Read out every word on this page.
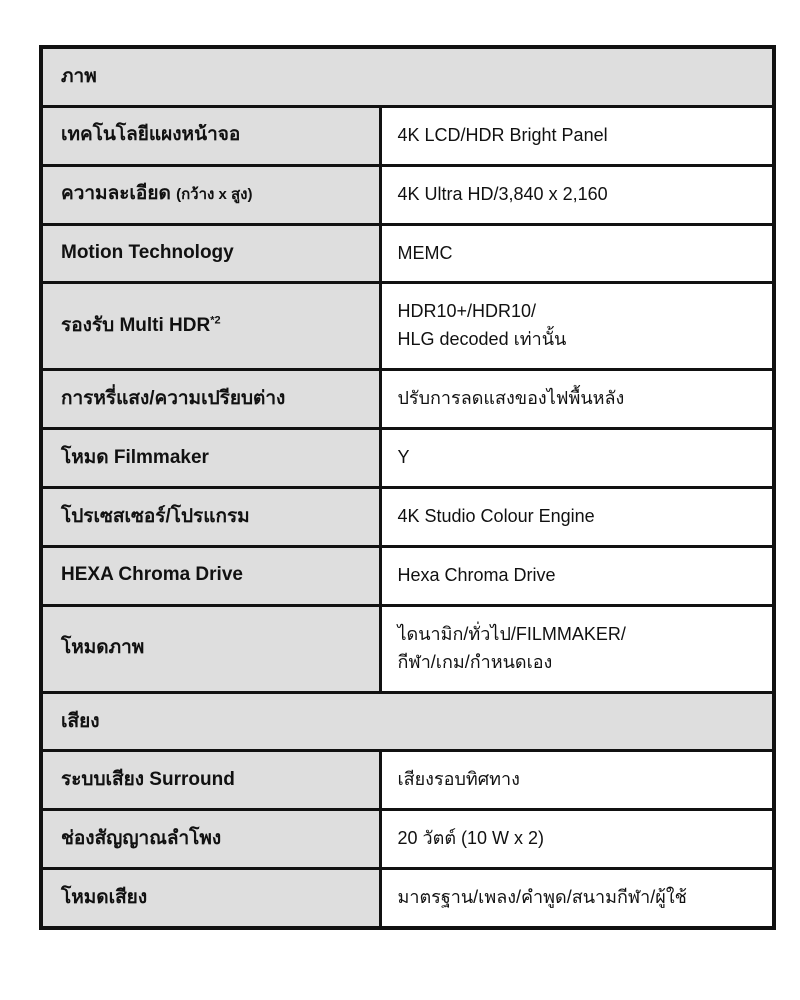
ภาพ	
เทคโนโลยีแผงหน้าจอ	4K LCD/HDR Bright Panel

ความละเอียด (กว้าง x สูง)	4K Ultra HD/3,840 x 2,160

Motion Technology	MEMC

รองรับ Multi HDR$^{*2}$	HDR10+/HDR10/
HLG decoded เท่านั้น

การหรี่แสง/ความเปรียบต่าง	ปรับการลดแสงของไฟพื้นหลัง

โหมด Filmmaker	Y

โปรเซสเซอร์/โปรแกรม	4K Studio Colour Engine

HEXA Chroma Drive	Hexa Chroma Drive

โหมดภาพ	ไดนามิก/ทั่วไป/FILMMAKER/
กีฬา/เกม/กำหนดเอง

เสียง	
ระบบเสียง Surround	เสียงรอบทิศทาง

ช่องสัญญาณลำโพง	20 วัตต์ (10 W x 2)

โหมดเสียง	มาตรฐาน/เพลง/คำพูด/สนามกีฬา/ผู้ใช้
